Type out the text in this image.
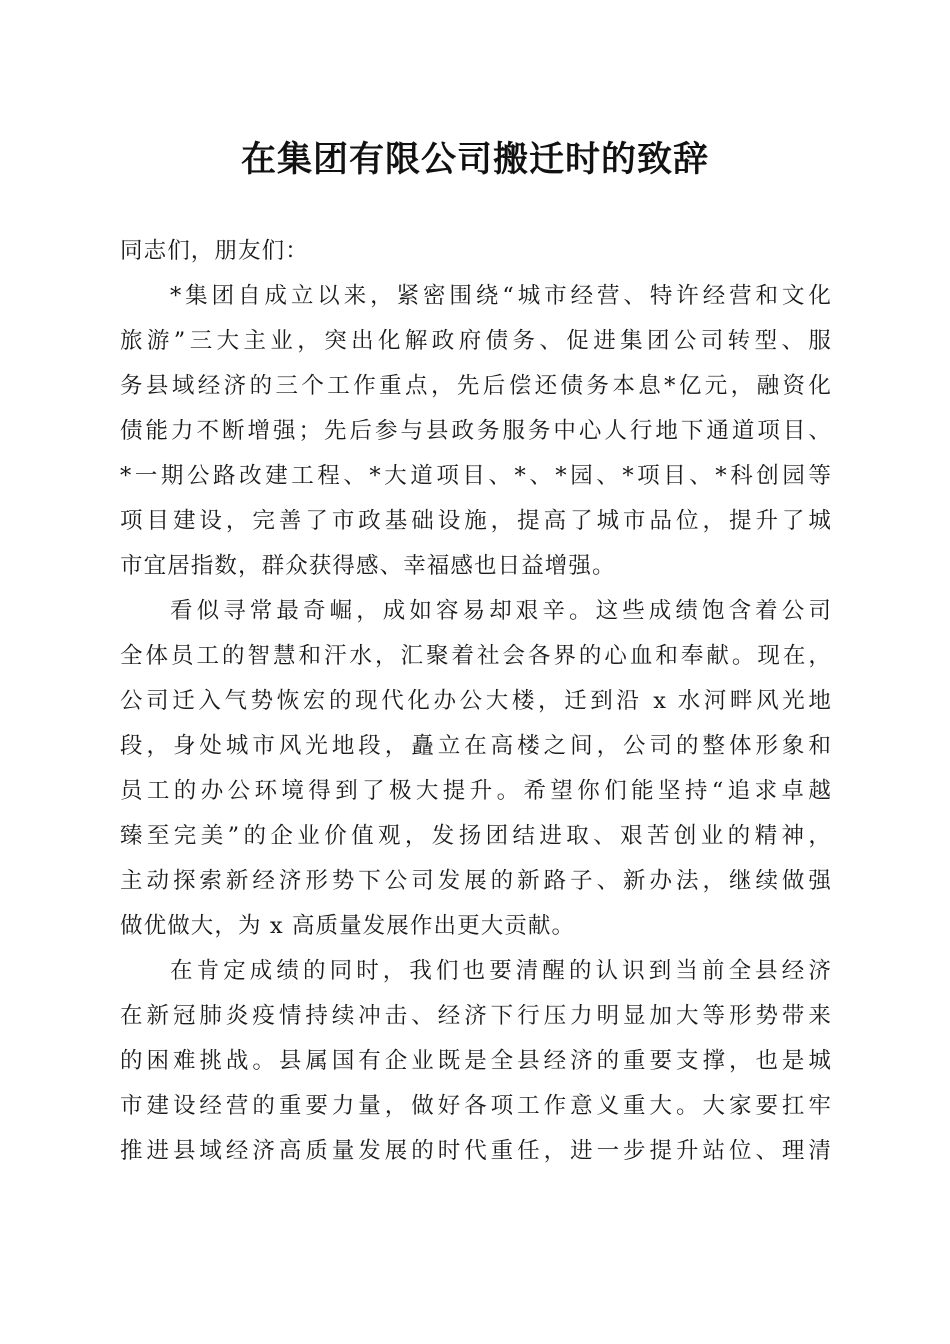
在集团有限公司搬迁时的致辞
同志们，朋友们：
*集团自成立以来，紧密围绕“城市经营、特许经营和文化
旅游”三大主业，突出化解政府债务、促进集团公司转型、服
务县域经济的三个工作重点，先后偿还债务本息*亿元，融资化
债能力不断增强；先后参与县政务服务中心人行地下通道项目、
*一期公路改建工程、*大道项目、*、*园、*项目、*科创园等
项目建设，完善了市政基础设施，提高了城市品位，提升了城
市宜居指数，群众获得感、幸福感也日益增强。
看似寻常最奇崛，成如容易却艰辛。这些成绩饱含着公司
全体员工的智慧和汗水，汇聚着社会各界的心血和奉献。现在，
公司迁入气势恢宏的现代化办公大楼，迁到沿 x 水河畔风光地
段，身处城市风光地段，矗立在高楼之间，公司的整体形象和
员工的办公环境得到了极大提升。希望你们能坚持“追求卓越
臻至完美”的企业价值观，发扬团结进取、艰苦创业的精神，
主动探索新经济形势下公司发展的新路子、新办法，继续做强
做优做大，为 x 高质量发展作出更大贡献。
在肯定成绩的同时，我们也要清醒的认识到当前全县经济
在新冠肺炎疫情持续冲击、经济下行压力明显加大等形势带来
的困难挑战。县属国有企业既是全县经济的重要支撑，也是城
市建设经营的重要力量，做好各项工作意义重大。大家要扛牢
推进县域经济高质量发展的时代重任，进一步提升站位、理清
